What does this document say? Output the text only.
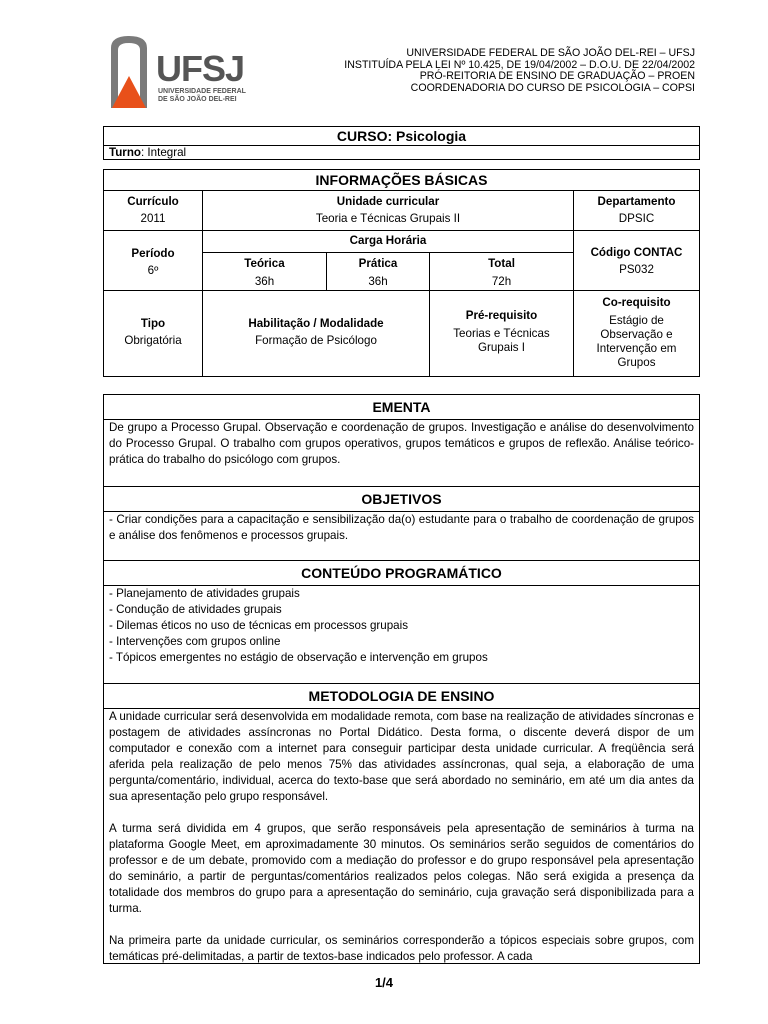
UFSJ
UNIVERSIDADE FEDERAL
DE SÃO JOÃO DEL-REI
UNIVERSIDADE FEDERAL DE SÃO JOÃO DEL-REI – UFSJ
INSTITUÍDA PELA LEI Nº 10.425, DE 19/04/2002 – D.O.U. DE 22/04/2002
PRÓ-REITORIA DE ENSINO DE GRADUAÇÃO – PROEN
COORDENADORIA DO CURSO DE PSICOLOGIA – COPSI
CURSO: Psicologia
Turno: Integral
INFORMAÇÕES BÁSICAS
Currículo
2011
Unidade curricular
Teoria e Técnicas Grupais II
Departamento
DPSIC
Período
6º
Carga Horária
Código CONTAC
PS032
Teórica
36h
Prática
36h
Total
72h
Tipo
Obrigatória
Habilitação / Modalidade
Formação de Psicólogo
Pré-requisito
Teorias e Técnicas Grupais I
Co-requisito
Estágio de Observação e Intervenção em Grupos
EMENTA
De grupo a Processo Grupal. Observação e coordenação de grupos. Investigação e análise do desenvolvimento do Processo Grupal. O trabalho com grupos operativos, grupos temáticos e grupos de reflexão. Análise teórico-prática do trabalho do psicólogo com grupos.
OBJETIVOS
- Criar condições para a capacitação e sensibilização da(o) estudante para o trabalho de coordenação de grupos e análise dos fenômenos e processos grupais.
CONTEÚDO PROGRAMÁTICO
- Planejamento de atividades grupais
- Condução de atividades grupais
- Dilemas éticos no uso de técnicas em processos grupais
- Intervenções com grupos online
- Tópicos emergentes no estágio de observação e intervenção em grupos
METODOLOGIA DE ENSINO

A unidade curricular será desenvolvida em modalidade remota, com base na realização de atividades síncronas e postagem de atividades assíncronas no Portal Didático. Desta forma, o discente deverá dispor de um computador e conexão com a internet para conseguir participar desta unidade curricular. A freqüência será aferida pela realização de pelo menos 75% das atividades assíncronas, qual seja, a elaboração de uma pergunta/comentário, individual, acerca do texto-base que será abordado no seminário, em até um dia antes da sua apresentação pelo grupo responsável.

A turma será dividida em 4 grupos, que serão responsáveis pela apresentação de seminários à turma na plataforma Google Meet, em aproximadamente 30 minutos. Os seminários serão seguidos de comentários do professor e de um debate, promovido com a mediação do professor e do grupo responsável pela apresentação do seminário, a partir de perguntas/comentários realizados pelos colegas. Não será exigida a presença da totalidade dos membros do grupo para a apresentação do seminário, cuja gravação será disponibilizada para a turma.

Na primeira parte da unidade curricular, os seminários corresponderão a tópicos especiais sobre grupos, com temáticas pré-delimitadas, a partir de textos-base indicados pelo professor. A cada

1/4
